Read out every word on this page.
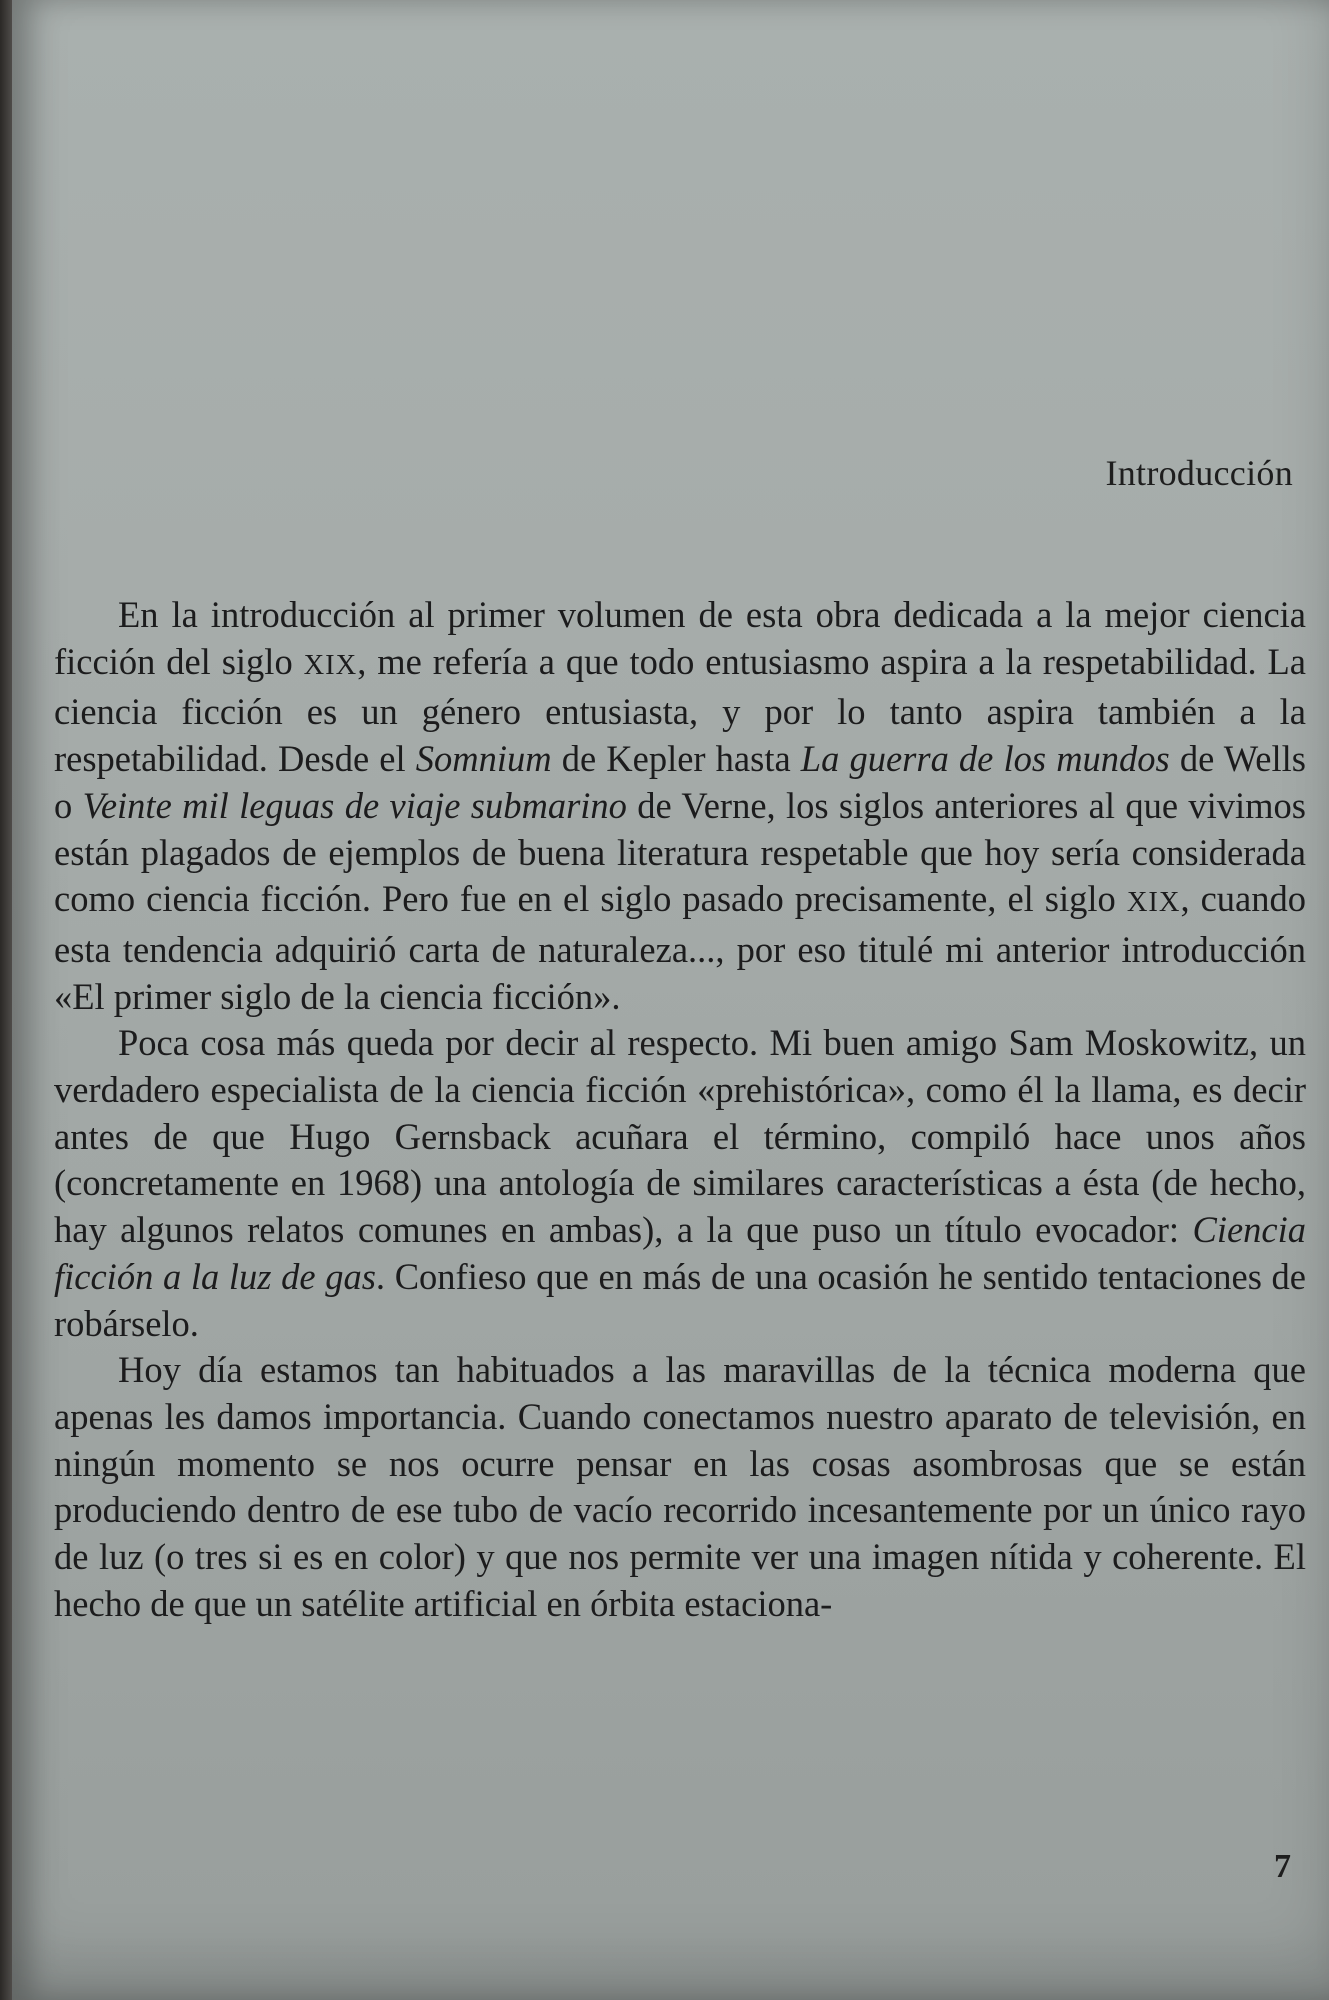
Introducción

En la introducción al primer volumen de esta obra dedicada a la mejor ciencia ficción del siglo XIX, me refería a que todo entusiasmo aspira a la respetabilidad. La ciencia ficción es un género entusiasta, y por lo tanto aspira también a la respetabilidad. Desde el Somnium de Kepler hasta La guerra de los mundos de Wells o Veinte mil leguas de viaje submarino de Verne, los siglos anteriores al que vivimos están plagados de ejemplos de buena literatura respetable que hoy sería considerada como ciencia ficción. Pero fue en el siglo pasado precisamente, el siglo XIX, cuando esta tendencia adquirió carta de naturaleza..., por eso titulé mi anterior introducción «El primer siglo de la ciencia ficción».

Poca cosa más queda por decir al respecto. Mi buen amigo Sam Moskowitz, un verdadero especialista de la ciencia ficción «prehistórica», como él la llama, es decir antes de que Hugo Gernsback acuñara el término, compiló hace unos años (concretamente en 1968) una antología de similares características a ésta (de hecho, hay algunos relatos comunes en ambas), a la que puso un título evocador: Ciencia ficción a la luz de gas. Confieso que en más de una ocasión he sentido tentaciones de robárselo.

Hoy día estamos tan habituados a las maravillas de la técnica moderna que apenas les damos importancia. Cuando conectamos nuestro aparato de televisión, en ningún momento se nos ocurre pensar en las cosas asombrosas que se están produciendo dentro de ese tubo de vacío recorrido incesantemente por un único rayo de luz (o tres si es en color) y que nos permite ver una imagen nítida y coherente. El hecho de que un satélite artificial en órbita estaciona-

7
